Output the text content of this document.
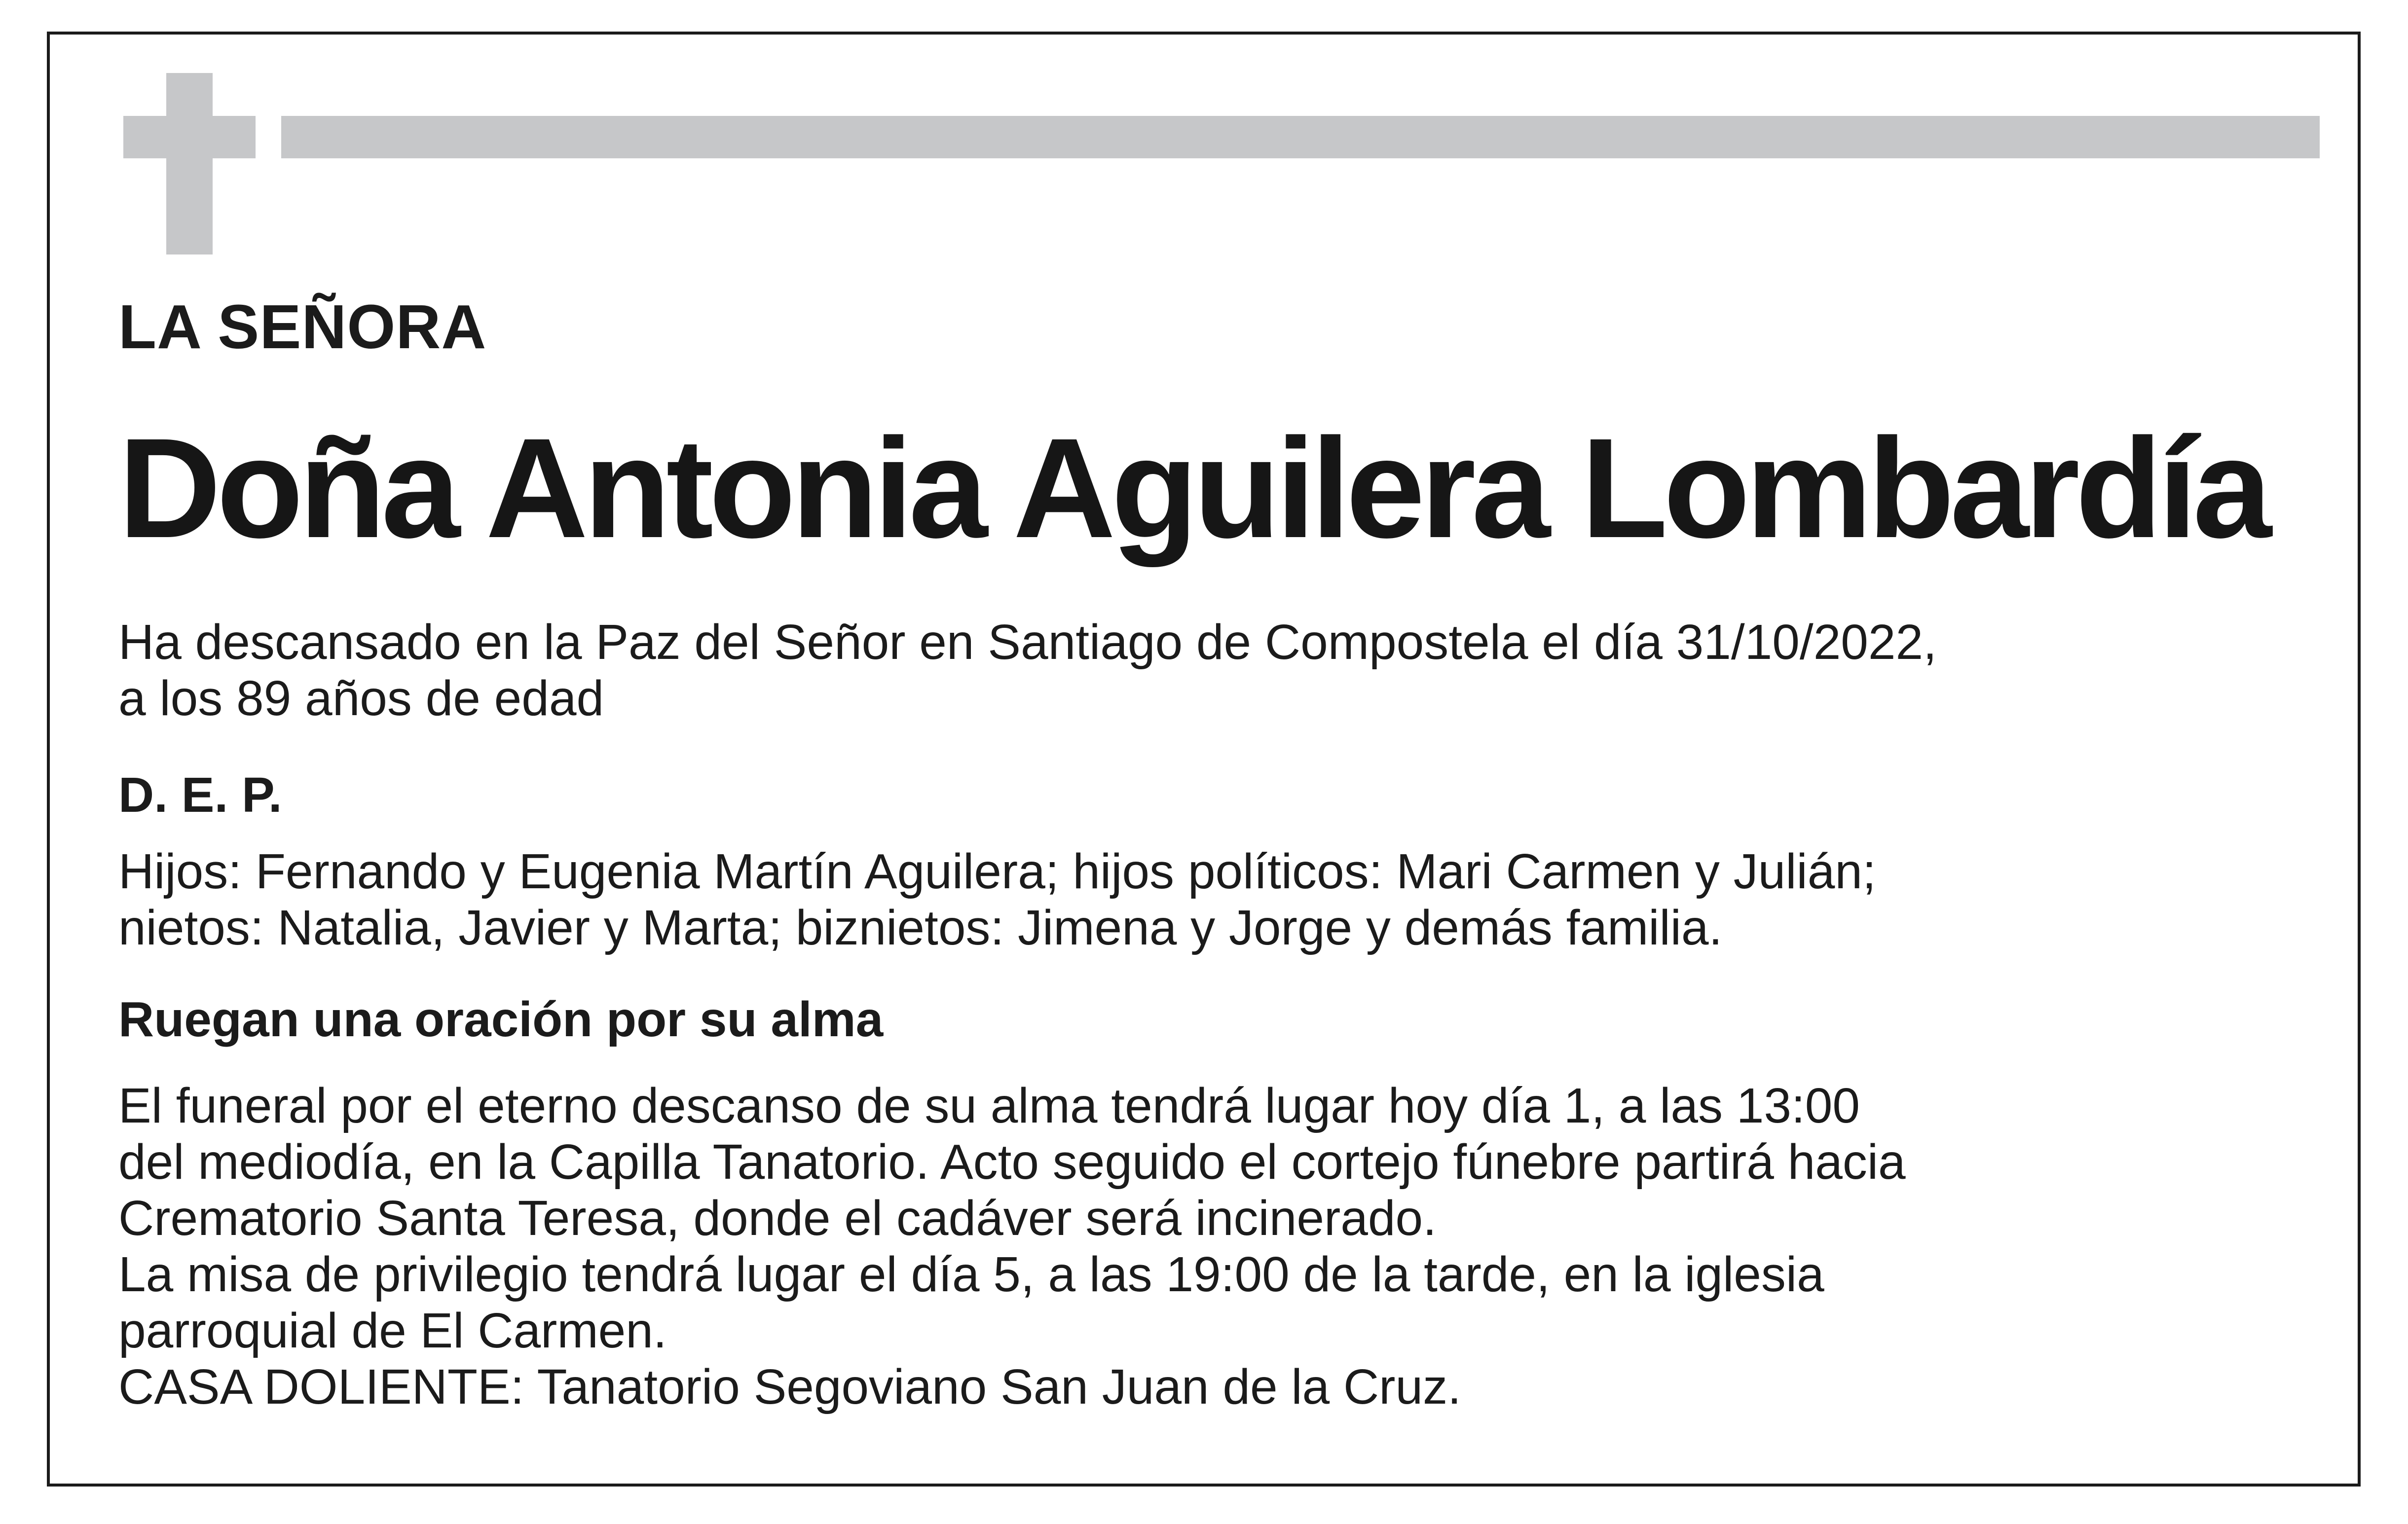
LA SEÑORA
Doña Antonia Aguilera Lombardía
Ha descansado en la Paz del Señor en Santiago de Compostela el día 31/10/2022,
a los 89 años de edad
D. E. P.
Hijos: Fernando y Eugenia Martín Aguilera; hijos políticos: Mari Carmen y Julián;
nietos: Natalia, Javier y Marta; biznietos: Jimena y Jorge y demás familia.
Ruegan una oración por su alma
El funeral por el eterno descanso de su alma tendrá lugar hoy día 1, a las 13:00
del mediodía, en la Capilla Tanatorio. Acto seguido el cortejo fúnebre partirá hacia
Crematorio Santa Teresa, donde el cadáver será incinerado.
La misa de privilegio tendrá lugar el día 5, a las 19:00 de la tarde, en la iglesia
parroquial de El Carmen.
CASA DOLIENTE: Tanatorio Segoviano San Juan de la Cruz.
